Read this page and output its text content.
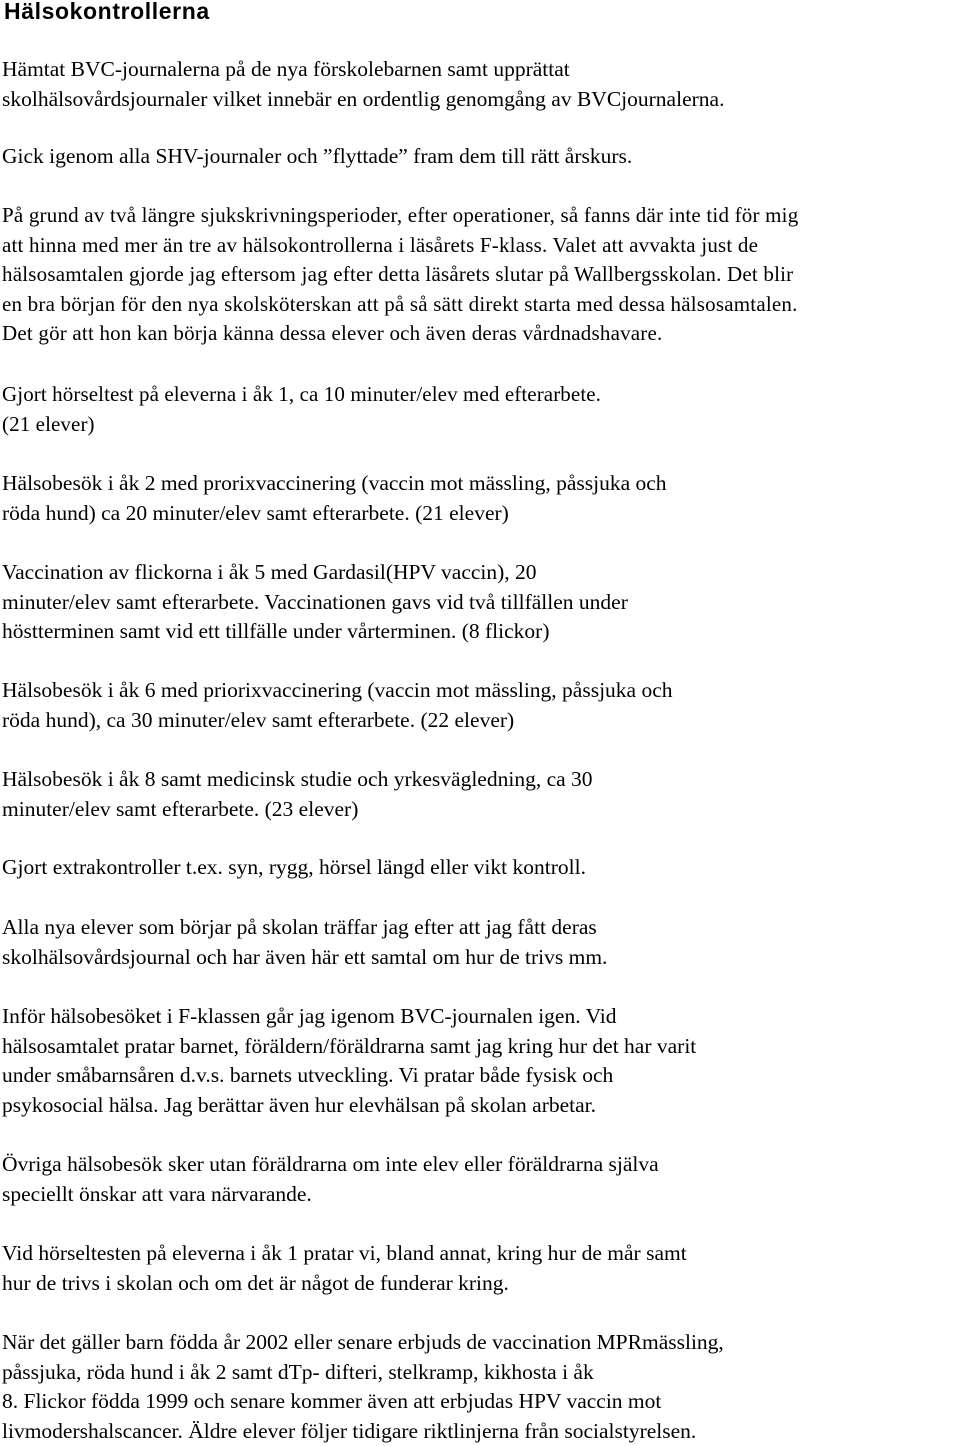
Hälsokontrollerna

Hämtat BVC-journalerna på de nya förskolebarnen samt upprättat
skolhälsovårdsjournaler vilket innebär en ordentlig genomgång av BVCjournalerna.

Gick igenom alla SHV-journaler och ”flyttade” fram dem till rätt årskurs.

På grund av två längre sjukskrivningsperioder, efter operationer, så fanns där inte tid för mig
att hinna med mer än tre av hälsokontrollerna i läsårets F-klass. Valet att avvakta just de
hälsosamtalen gjorde jag eftersom jag efter detta läsårets slutar på Wallbergsskolan. Det blir
en bra början för den nya skolsköterskan att på så sätt direkt starta med dessa hälsosamtalen.
Det gör att hon kan börja känna dessa elever och även deras vårdnadshavare.

Gjort hörseltest på eleverna i åk 1, ca 10 minuter/elev med efterarbete.
(21 elever)

Hälsobesök i åk 2 med prorixvaccinering (vaccin mot mässling, påssjuka och
röda hund) ca 20 minuter/elev samt efterarbete. (21 elever)

Vaccination av flickorna i åk 5 med Gardasil(HPV vaccin), 20
minuter/elev samt efterarbete. Vaccinationen gavs vid två tillfällen under
höstterminen samt vid ett tillfälle under vårterminen. (8 flickor)

Hälsobesök i åk 6 med priorixvaccinering (vaccin mot mässling, påssjuka och
röda hund), ca 30 minuter/elev samt efterarbete. (22 elever)

Hälsobesök i åk 8 samt medicinsk studie och yrkesvägledning, ca 30
minuter/elev samt efterarbete. (23 elever)

Gjort extrakontroller t.ex. syn, rygg, hörsel längd eller vikt kontroll.

Alla nya elever som börjar på skolan träffar jag efter att jag fått deras
skolhälsovårdsjournal och har även här ett samtal om hur de trivs mm.

Inför hälsobesöket i F-klassen går jag igenom BVC-journalen igen. Vid
hälsosamtalet pratar barnet, föräldern/föräldrarna samt jag kring hur det har varit
under småbarnsåren d.v.s. barnets utveckling. Vi pratar både fysisk och
psykosocial hälsa. Jag berättar även hur elevhälsan på skolan arbetar.

Övriga hälsobesök sker utan föräldrarna om inte elev eller föräldrarna själva
speciellt önskar att vara närvarande.

Vid hörseltesten på eleverna i åk 1 pratar vi, bland annat, kring hur de mår samt
hur de trivs i skolan och om det är något de funderar kring.

När det gäller barn födda år 2002 eller senare erbjuds de vaccination MPRmässling,
påssjuka, röda hund i åk 2 samt dTp- difteri, stelkramp, kikhosta i åk
8. Flickor födda 1999 och senare kommer även att erbjudas HPV vaccin mot
livmodershalscancer. Äldre elever följer tidigare riktlinjerna från socialstyrelsen.
